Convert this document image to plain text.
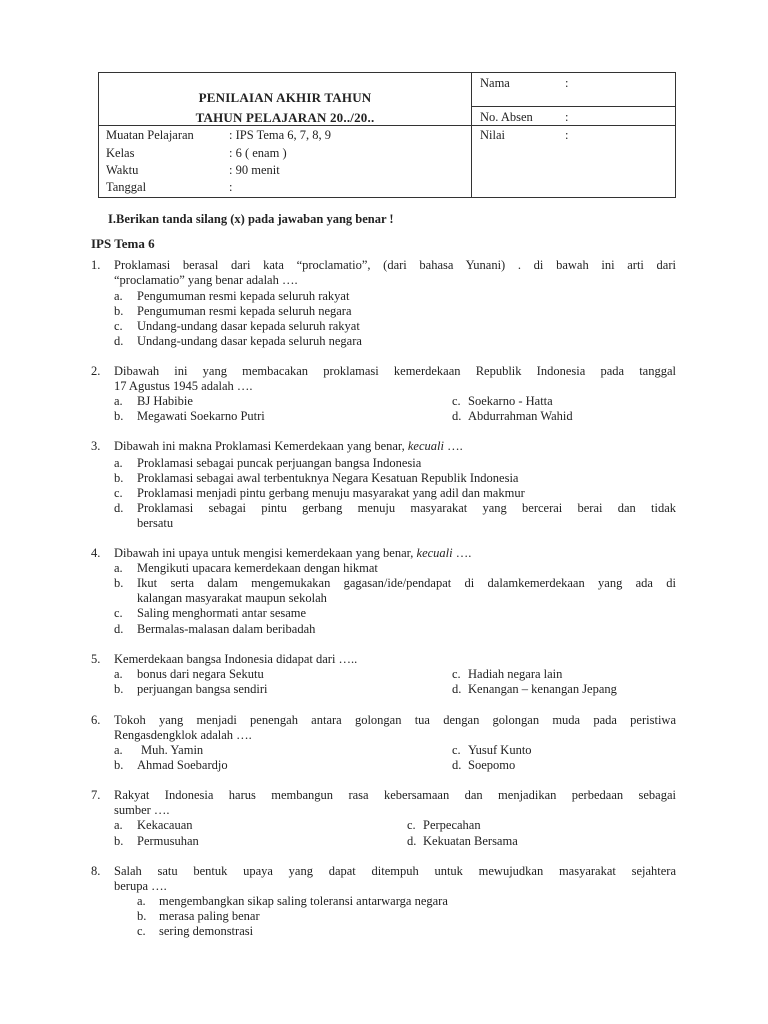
PENILAIAN AKHIR TAHUN
TAHUN PELAJARAN 20../20..
Nama	:
No. Absen	:
Nilai	:
Muatan Pelajaran	: IPS Tema 6, 7, 8, 9
Kelas	: 6 ( enam )
Waktu	: 90 menit
Tanggal	:
I.Berikan tanda silang (x) pada jawaban yang benar !
IPS Tema 6
1. Proklamasi berasal dari kata “proclamatio”, (dari bahasa Yunani) . di bawah ini arti dari
“proclamatio” yang benar adalah ….
a. Pengumuman resmi kepada seluruh rakyat
b. Pengumuman resmi kepada seluruh negara
c. Undang-undang dasar kepada seluruh rakyat
d. Undang-undang dasar kepada seluruh negara
2. Dibawah ini yang membacakan proklamasi kemerdekaan Republik Indonesia pada tanggal
17 Agustus 1945 adalah ….
a. BJ Habibie
b. Megawati Soekarno Putri
c. Soekarno - Hatta
d. Abdurrahman Wahid
3. Dibawah ini makna Proklamasi Kemerdekaan yang benar, kecuali ….
a. Proklamasi sebagai puncak perjuangan bangsa Indonesia
b. Proklamasi sebagai awal terbentuknya Negara Kesatuan Republik Indonesia
c. Proklamasi menjadi pintu gerbang menuju masyarakat yang adil dan makmur
d. Proklamasi sebagai pintu gerbang menuju masyarakat yang bercerai berai dan tidak
bersatu
4. Dibawah ini upaya untuk mengisi kemerdekaan yang benar, kecuali ….
a. Mengikuti upacara kemerdekaan dengan hikmat
b. Ikut serta dalam mengemukakan gagasan/ide/pendapat di dalamkemerdekaan yang ada di
kalangan masyarakat maupun sekolah
c. Saling menghormati antar sesame
d. Bermalas-malasan dalam beribadah
5. Kemerdekaan bangsa Indonesia didapat dari …..
a. bonus dari negara Sekutu
b. perjuangan bangsa sendiri
c. Hadiah negara lain
d. Kenangan – kenangan Jepang
6. Tokoh yang menjadi penengah antara golongan tua dengan golongan muda pada peristiwa
Rengasdengklok adalah ….
a. Muh. Yamin
b. Ahmad Soebardjo
c. Yusuf Kunto
d. Soepomo
7. Rakyat Indonesia harus membangun rasa kebersamaan dan menjadikan perbedaan sebagai
sumber ….
a. Kekacauan
b. Permusuhan
c. Perpecahan
d. Kekuatan Bersama
8. Salah satu bentuk upaya yang dapat ditempuh untuk mewujudkan masyarakat sejahtera
berupa ….
a. mengembangkan sikap saling toleransi antarwarga negara
b. merasa paling benar
c. sering demonstrasi
